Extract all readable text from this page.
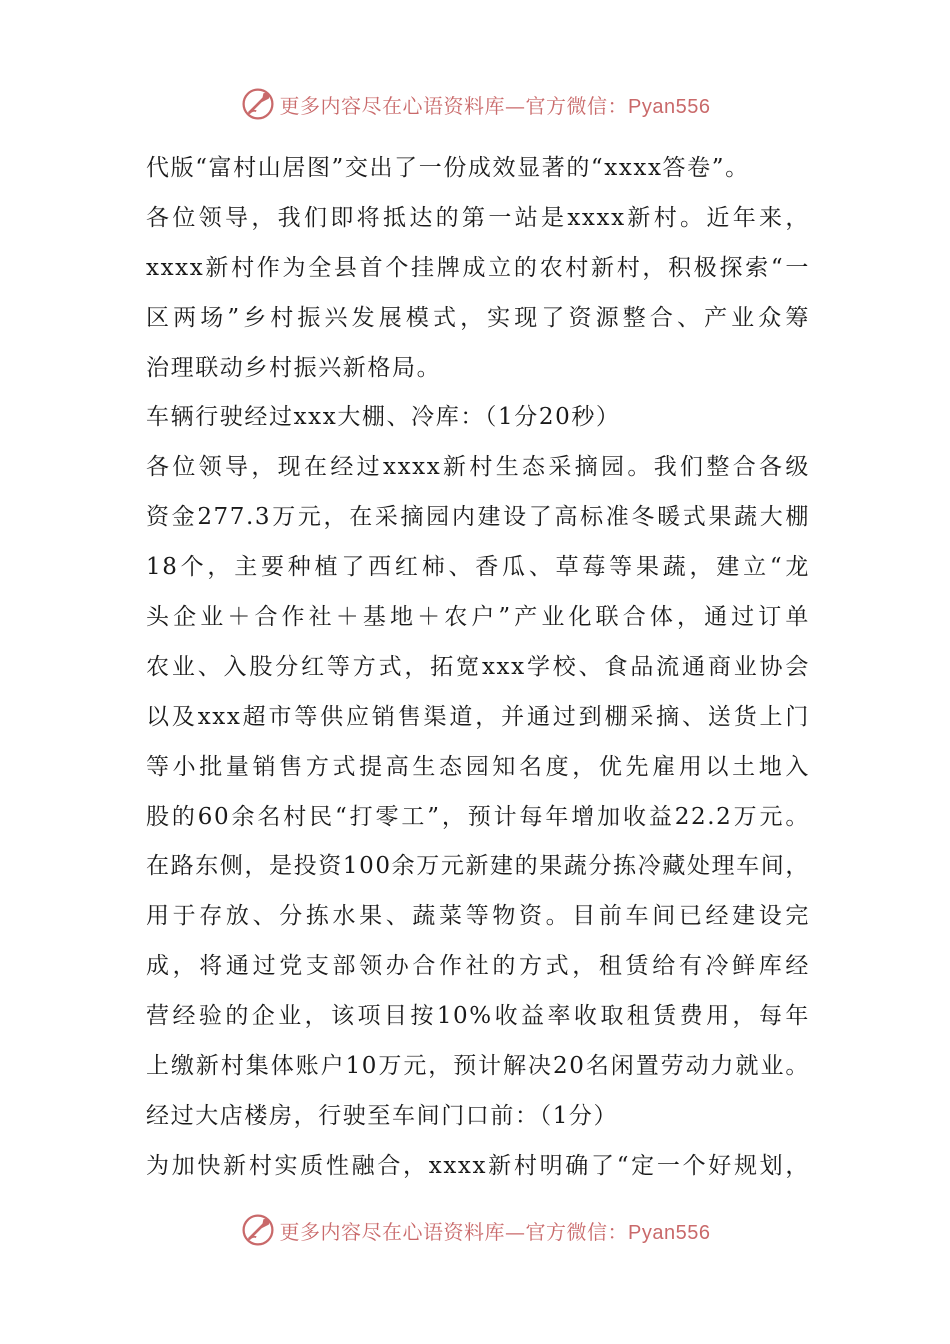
更多内容尽在心语资料库—官方微信：Pyan556
代版“富村山居图”交出了一份成效显著的“xxxx答卷”。
各位领导，我们即将抵达的第一站是xxxx新村。近年来，
xxxx新村作为全县首个挂牌成立的农村新村，积极探索“一
区两场”乡村振兴发展模式，实现了资源整合、产业众筹
治理联动乡村振兴新格局。
车辆行驶经过xxx大棚、冷库：（1分20秒）
各位领导，现在经过xxxx新村生态采摘园。我们整合各级
资金277.3万元，在采摘园内建设了高标准冬暖式果蔬大棚
18个，主要种植了西红柿、香瓜、草莓等果蔬，建立“龙
头企业＋合作社＋基地＋农户”产业化联合体，通过订单
农业、入股分红等方式，拓宽xxx学校、食品流通商业协会
以及xxx超市等供应销售渠道，并通过到棚采摘、送货上门
等小批量销售方式提高生态园知名度，优先雇用以土地入
股的60余名村民“打零工”，预计每年增加收益22.2万元。
在路东侧，是投资100余万元新建的果蔬分拣冷藏处理车间，
用于存放、分拣水果、蔬菜等物资。目前车间已经建设完
成，将通过党支部领办合作社的方式，租赁给有冷鲜库经
营经验的企业，该项目按10%收益率收取租赁费用，每年
上缴新村集体账户10万元，预计解决20名闲置劳动力就业。
经过大店楼房，行驶至车间门口前：（1分）
为加快新村实质性融合，xxxx新村明确了“定一个好规划，
更多内容尽在心语资料库—官方微信：Pyan556
